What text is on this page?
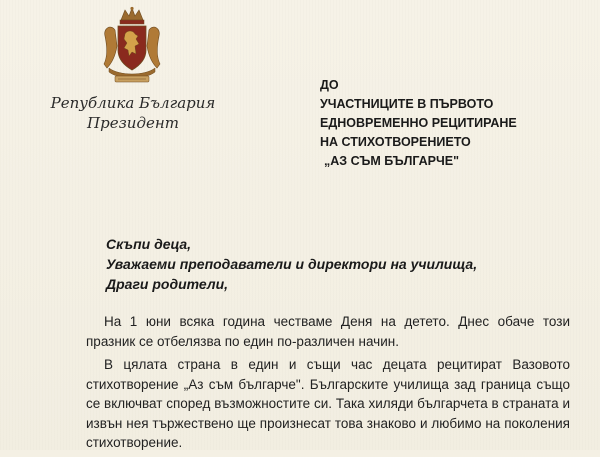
Република България
Президент
ДО
УЧАСТНИЦИТЕ В ПЪРВОТО
ЕДНОВРЕМЕННО РЕЦИТИРАНЕ
НА СТИХОТВОРЕНИЕТО
„АЗ СЪМ БЪЛГАРЧЕ"
Скъпи деца,
Уважаеми преподаватели и директори на училища,
Драги родители,

На 1 юни всяка година честваме Деня на детето. Днес обаче този празник се отбелязва по един по-различен начин.

В цялата страна в един и същи час децата рецитират Вазовото стихотворение „Аз съм българче". Българските училища зад граница също се включват според възможностите си. Така хиляди българчета в страната и извън нея тържествено ще произнесат това знаково и любимо на поколения стихотворение.
